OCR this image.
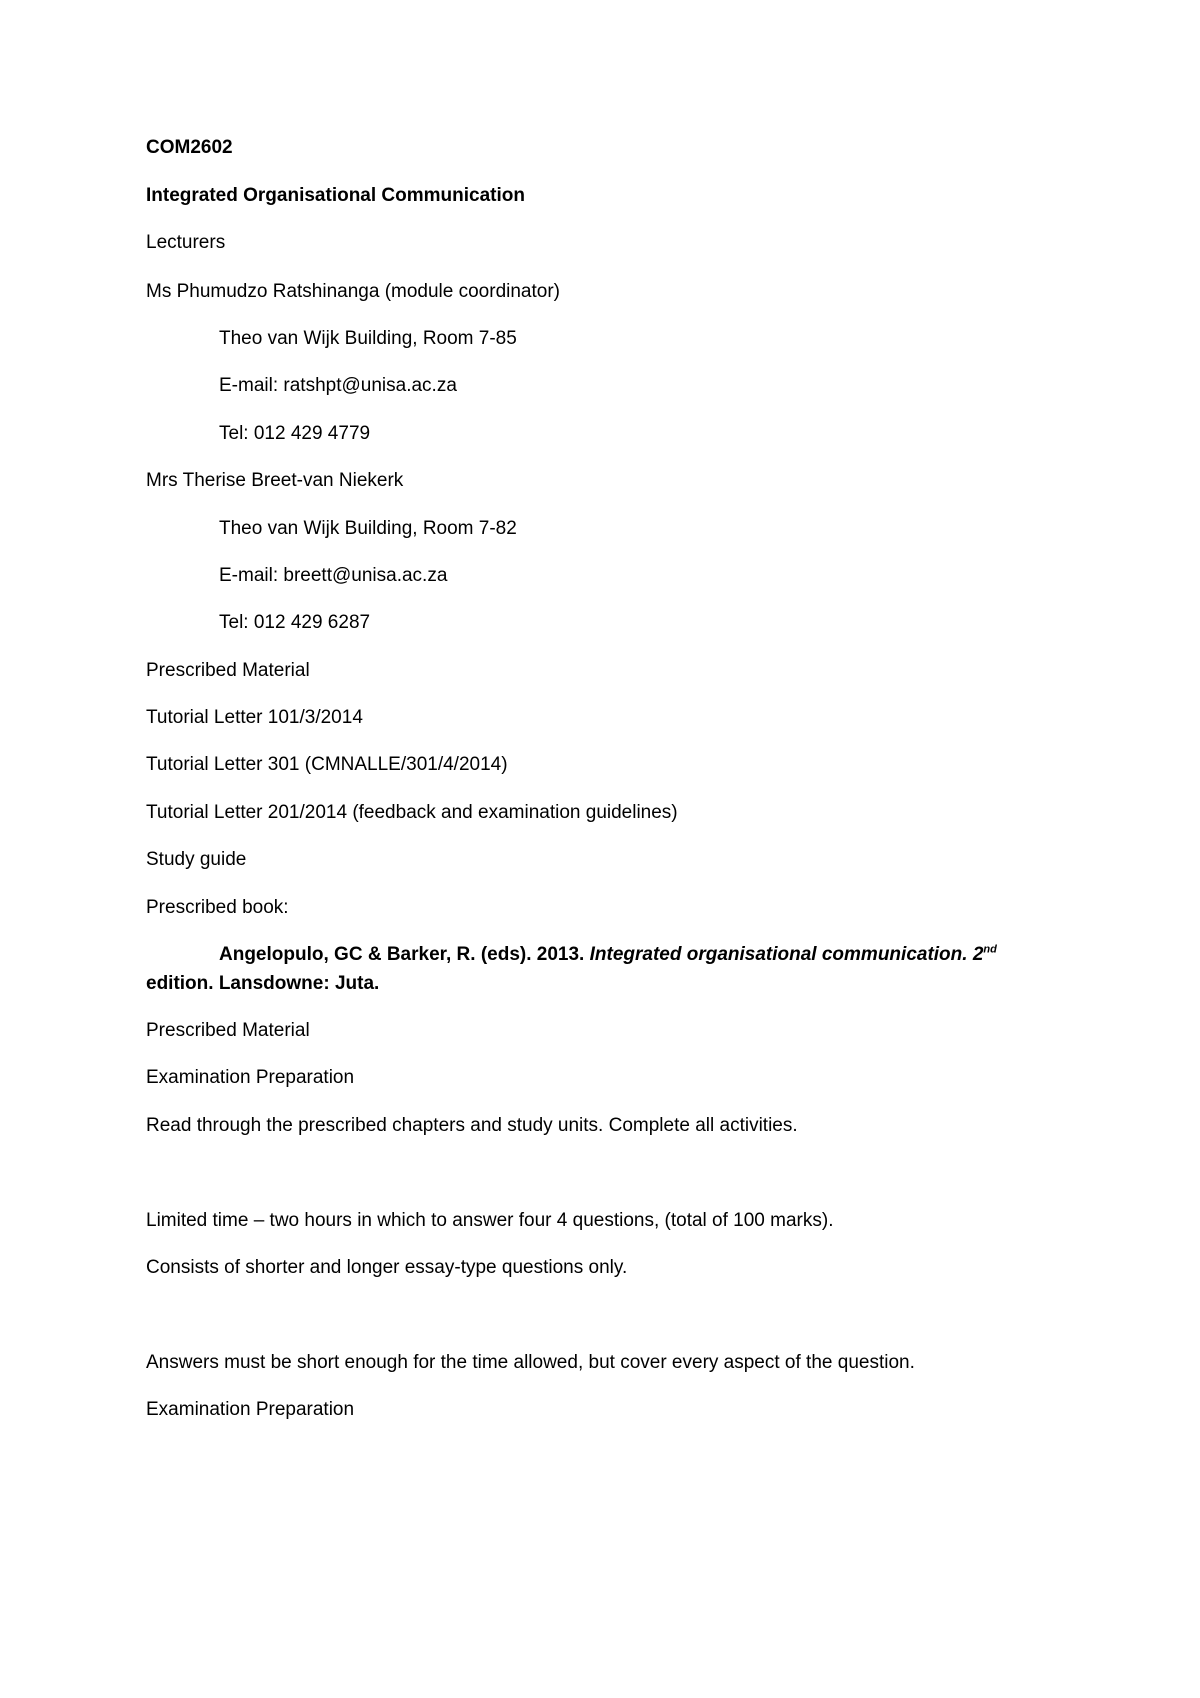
COM2602
Integrated Organisational Communication
Lecturers
Ms Phumudzo Ratshinanga (module coordinator)
Theo van Wijk Building, Room 7-85
E-mail: ratshpt@unisa.ac.za
Tel: 012 429 4779
Mrs Therise Breet-van Niekerk
Theo van Wijk Building, Room 7-82
E-mail: breett@unisa.ac.za
Tel: 012 429 6287
Prescribed Material
Tutorial Letter 101/3/2014
Tutorial Letter 301 (CMNALLE/301/4/2014)
Tutorial Letter 201/2014 (feedback and examination guidelines)
Study guide
Prescribed book:
Angelopulo, GC & Barker, R. (eds). 2013. Integrated organisational communication. 2nd
edition. Lansdowne: Juta.
Prescribed Material
Examination Preparation
Read through the prescribed chapters and study units. Complete all activities.
Limited time – two hours in which to answer four 4 questions, (total of 100 marks).
Consists of shorter and longer essay-type questions only.
Answers must be short enough for the time allowed, but cover every aspect of the question.
Examination Preparation
